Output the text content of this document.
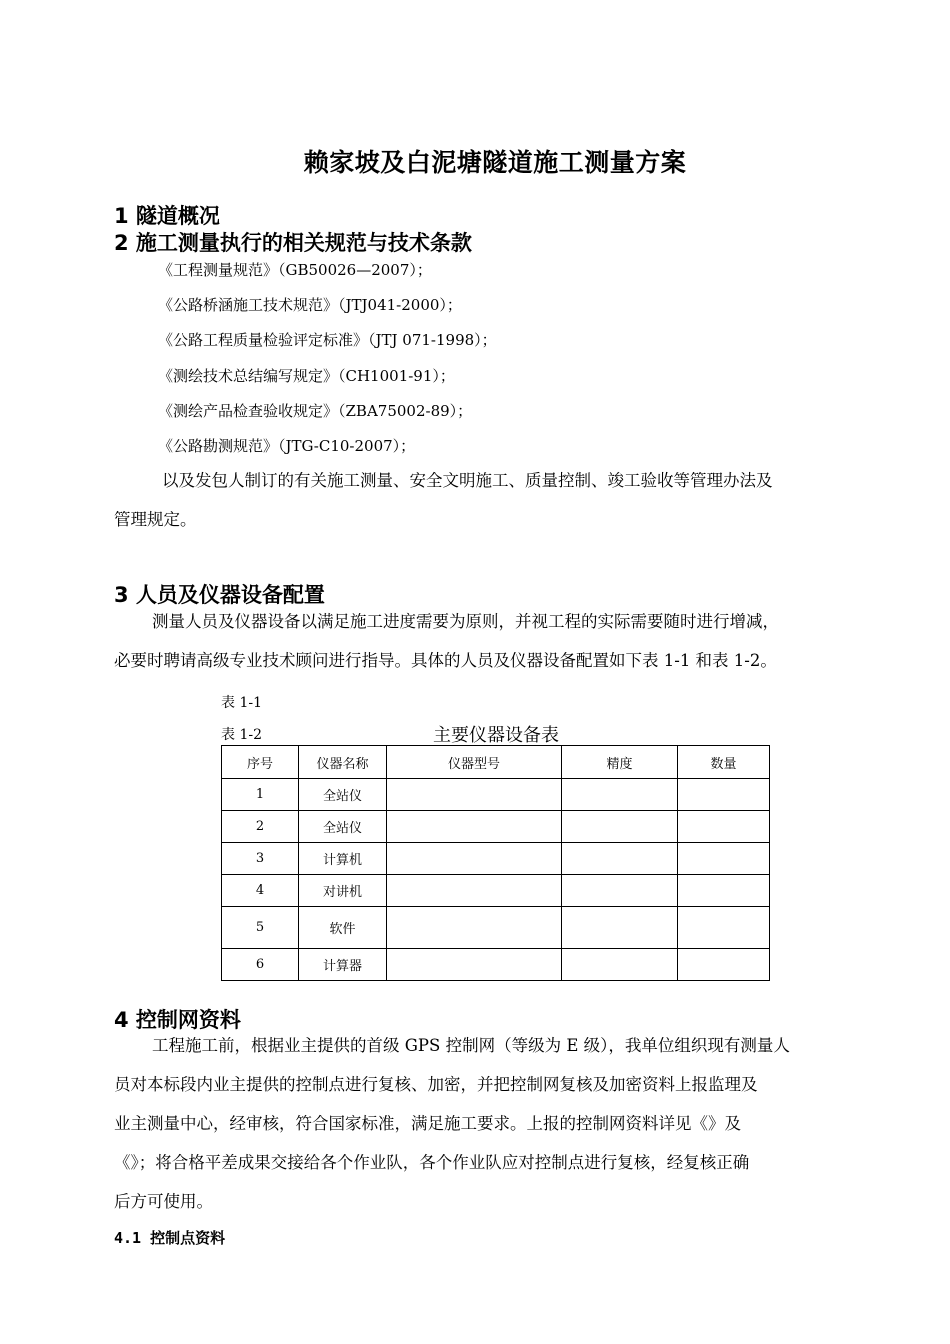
赖家坡及白泥塘隧道施工测量方案
1 隧道概况
2 施工测量执行的相关规范与技术条款
《工程测量规范》（GB50026—2007）；
《公路桥涵施工技术规范》（JTJ041-2000）；
《公路工程质量检验评定标准》（JTJ 071-1998）；
《测绘技术总结编写规定》（CH1001-91）；
《测绘产品检查验收规定》（ZBA75002-89）；
《公路勘测规范》（JTG-C10-2007）；
以及发包人制订的有关施工测量、安全文明施工、质量控制、竣工验收等管理办法及
管理规定。
3 人员及仪器设备配置
测量人员及仪器设备以满足施工进度需要为原则，并视工程的实际需要随时进行增减，
必要时聘请高级专业技术顾问进行指导。具体的人员及仪器设备配置如下表 1-1 和表 1-2。
表 1-1
表 1-2	主要仪器设备表
序号	仪器名称	仪器型号	精度	数量
1	全站仪			
2	全站仪			
3	计算机			
4	对讲机			
5	软件			
6	计算器			
4 控制网资料
工程施工前，根据业主提供的首级 GPS 控制网（等级为 E 级），我单位组织现有测量人
员对本标段内业主提供的控制点进行复核、加密，并把控制网复核及加密资料上报监理及
业主测量中心，经审核，符合国家标准，满足施工要求。上报的控制网资料详见《》及
《》；将合格平差成果交接给各个作业队，各个作业队应对控制点进行复核，经复核正确
后方可使用。
4.1 控制点资料
